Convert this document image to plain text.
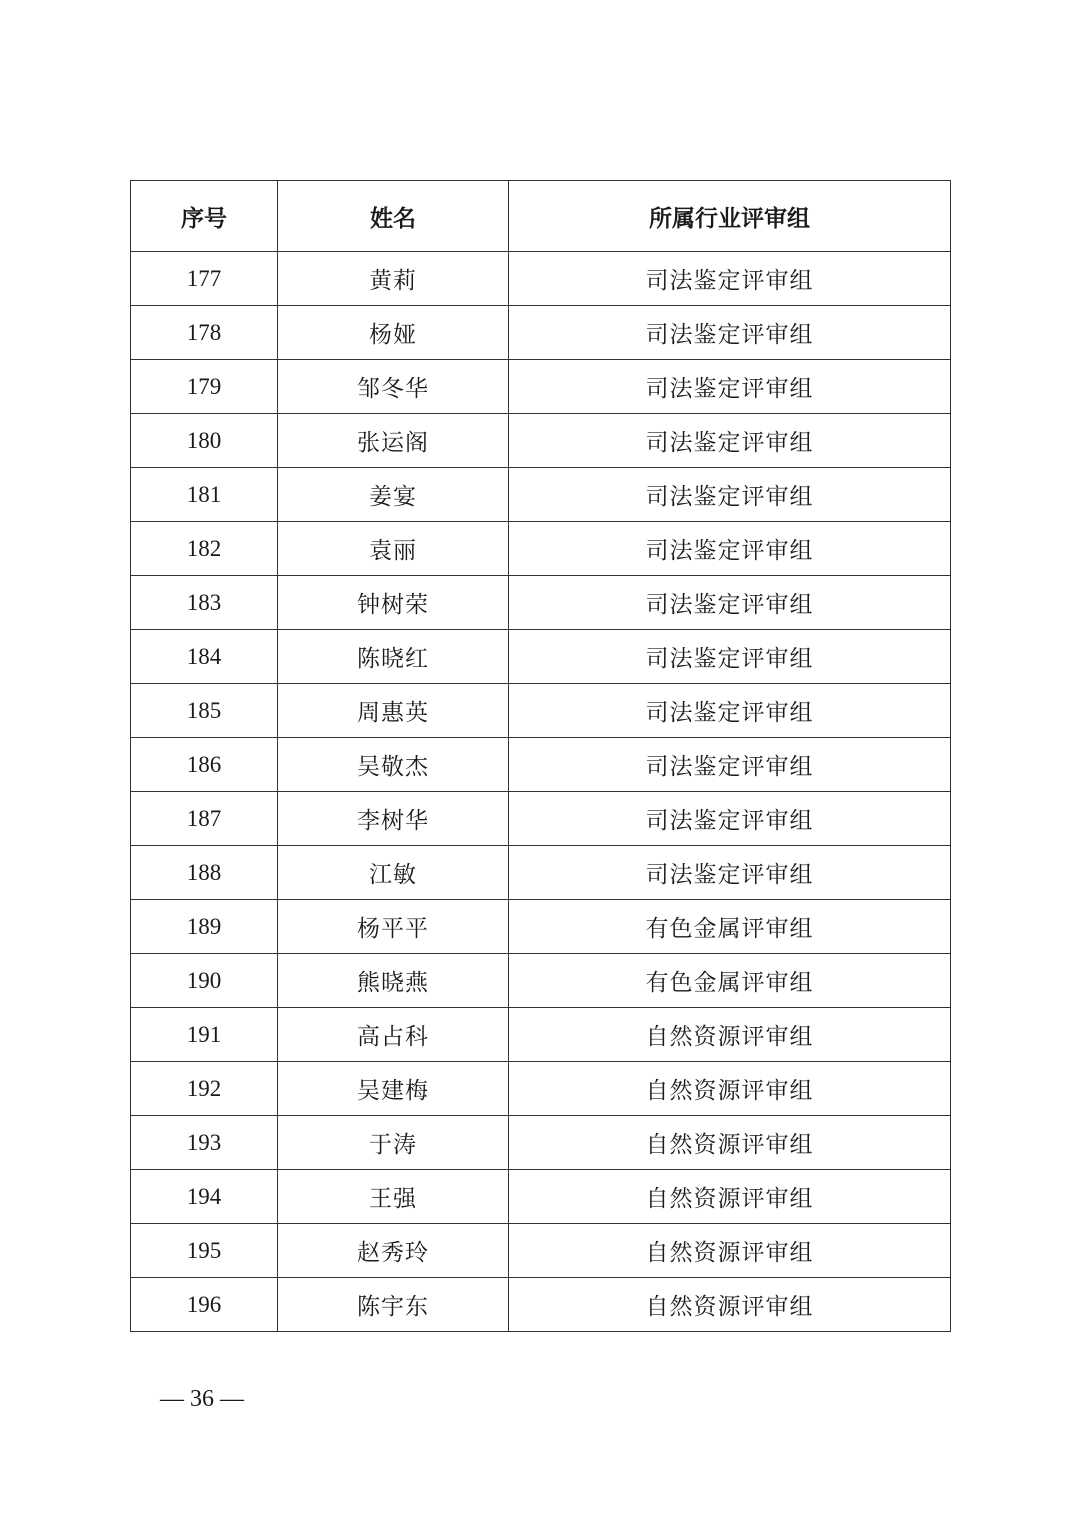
序号	姓名	所属行业评审组
177	黄莉	司法鉴定评审组
178	杨娅	司法鉴定评审组
179	邹冬华	司法鉴定评审组
180	张运阁	司法鉴定评审组
181	姜宴	司法鉴定评审组
182	袁丽	司法鉴定评审组
183	钟树荣	司法鉴定评审组
184	陈晓红	司法鉴定评审组
185	周惠英	司法鉴定评审组
186	吴敬杰	司法鉴定评审组
187	李树华	司法鉴定评审组
188	江敏	司法鉴定评审组
189	杨平平	有色金属评审组
190	熊晓燕	有色金属评审组
191	高占科	自然资源评审组
192	吴建梅	自然资源评审组
193	于涛	自然资源评审组
194	王强	自然资源评审组
195	赵秀玲	自然资源评审组
196	陈宇东	自然资源评审组
— 36 —
